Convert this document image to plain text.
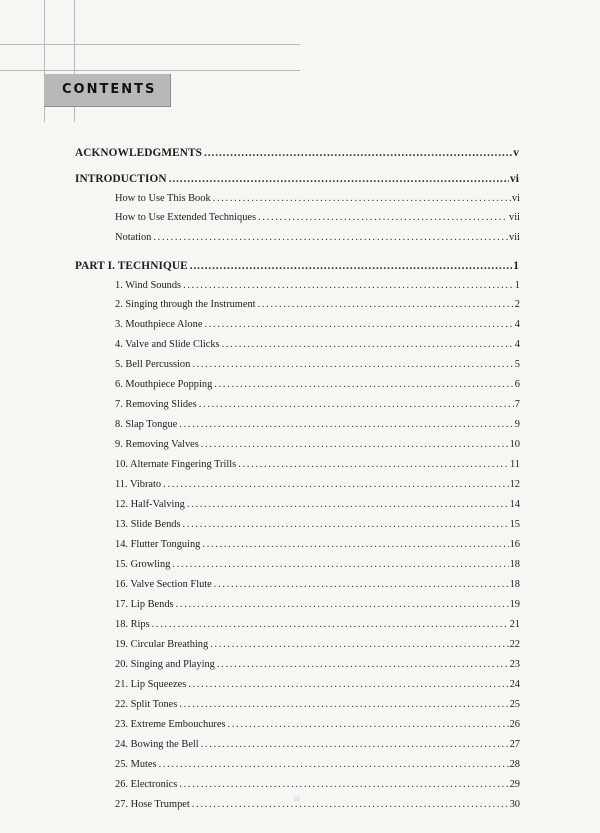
CONTENTS
ACKNOWLEDGMENTS .....	v
INTRODUCTION .....	vi
How to Use This Book .....	vi
How to Use Extended Techniques .....	vii
Notation .....	vii
PART I. TECHNIQUE .....	1
1. Wind Sounds .....	1
2. Singing through the Instrument .....	2
3. Mouthpiece Alone .....	4
4. Valve and Slide Clicks .....	4
5. Bell Percussion .....	5
6. Mouthpiece Popping .....	6
7. Removing Slides .....	7
8. Slap Tongue .....	9
9. Removing Valves .....	10
10. Alternate Fingering Trills .....	11
11. Vibrato .....	12
12. Half-Valving .....	14
13. Slide Bends .....	15
14. Flutter Tonguing .....	16
15. Growling .....	18
16. Valve Section Flute .....	18
17. Lip Bends .....	19
18. Rips .....	21
19. Circular Breathing .....	22
20. Singing and Playing .....	23
21. Lip Squeezes .....	24
22. Split Tones .....	25
23. Extreme Embouchures .....	26
24. Bowing the Bell .....	27
25. Mutes .....	28
26. Electronics .....	29
27. Hose Trumpet .....	30
iii
